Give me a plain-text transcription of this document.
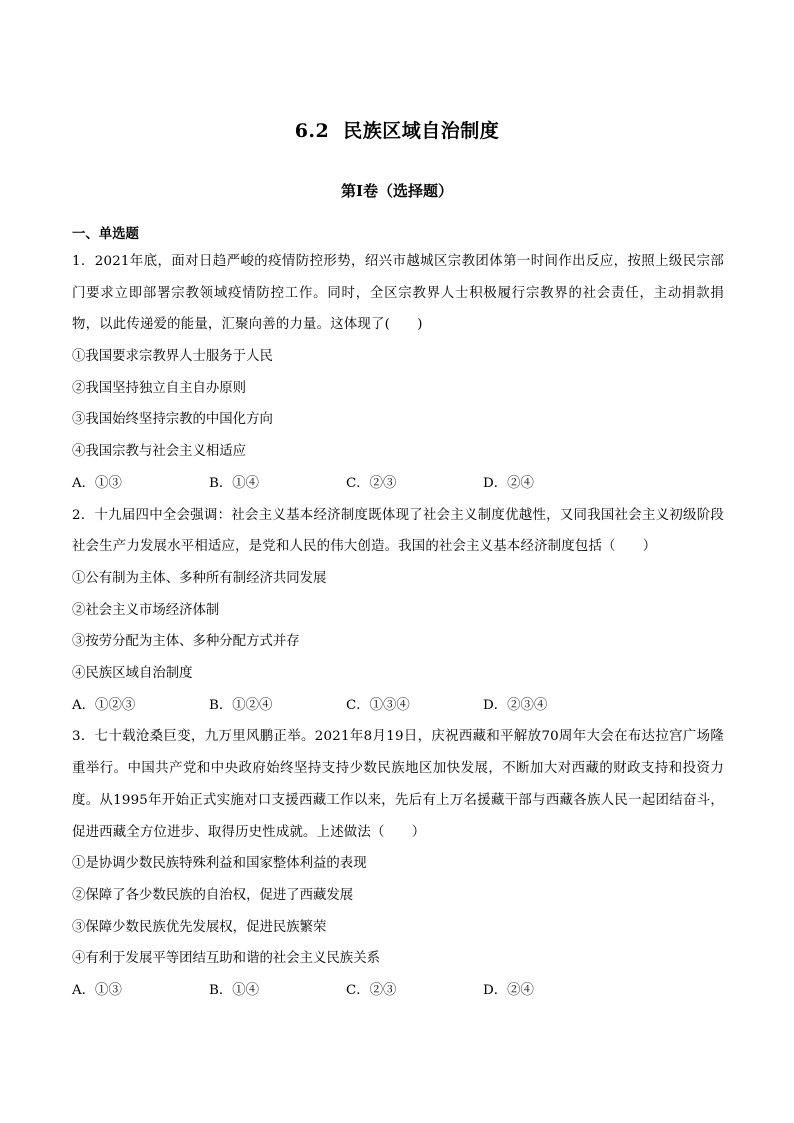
6.2 民族区域自治制度
第Ⅰ卷（选择题）
一、单选题

1．2021年底，面对日趋严峻的疫情防控形势，绍兴市越城区宗教团体第一时间作出反应，按照上级民宗部门要求立即部署宗教领域疫情防控工作。同时，全区宗教界人士积极履行宗教界的社会责任，主动捐款捐物，以此传递爱的能量，汇聚向善的力量。这体现了(　　)

①我国要求宗教界人士服务于人民
②我国坚持独立自主自办原则
③我国始终坚持宗教的中国化方向
④我国宗教与社会主义相适应
A．①③	B．①④	C．②③	D．②④

2．十九届四中全会强调：社会主义基本经济制度既体现了社会主义制度优越性，又同我国社会主义初级阶段社会生产力发展水平相适应，是党和人民的伟大创造。我国的社会主义基本经济制度包括（　　）

①公有制为主体、多种所有制经济共同发展
②社会主义市场经济体制
③按劳分配为主体、多种分配方式并存
④民族区域自治制度
A．①②③	B．①②④	C．①③④	D．②③④

3．七十载沧桑巨变，九万里风鹏正举。2021年8月19日，庆祝西藏和平解放70周年大会在布达拉宫广场隆重举行。中国共产党和中央政府始终坚持支持少数民族地区加快发展，不断加大对西藏的财政支持和投资力度。从1995年开始正式实施对口支援西藏工作以来，先后有上万名援藏干部与西藏各族人民一起团结奋斗，促进西藏全方位进步、取得历史性成就。上述做法（　　）

①是协调少数民族特殊利益和国家整体利益的表现
②保障了各少数民族的自治权，促进了西藏发展
③保障少数民族优先发展权，促进民族繁荣
④有利于发展平等团结互助和谐的社会主义民族关系
A．①③	B．①④	C．②③	D．②④
